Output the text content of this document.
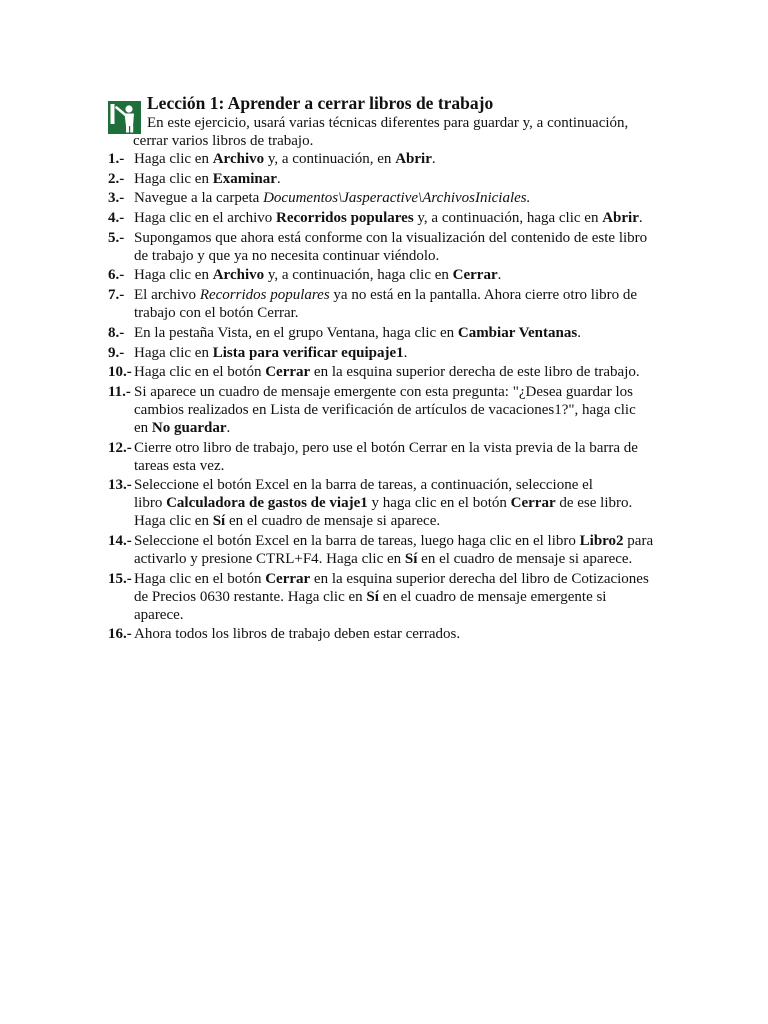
Lección 1: Aprender a cerrar libros de trabajo
En este ejercicio, usará varias técnicas diferentes para guardar y, a continuación,
cerrar varios libros de trabajo.
1.- Haga clic en Archivo y, a continuación, en Abrir.
2.- Haga clic en Examinar.
3.- Navegue a la carpeta Documentos\Jasperactive\ArchivosIniciales.
4.- Haga clic en el archivo Recorridos populares y, a continuación, haga clic en Abrir.
5.- Supongamos que ahora está conforme con la visualización del contenido de este libro
de trabajo y que ya no necesita continuar viéndolo.
6.- Haga clic en Archivo y, a continuación, haga clic en Cerrar.
7.- El archivo Recorridos populares ya no está en la pantalla. Ahora cierre otro libro de
trabajo con el botón Cerrar.
8.- En la pestaña Vista, en el grupo Ventana, haga clic en Cambiar Ventanas.
9.- Haga clic en Lista para verificar equipaje1.
10.- Haga clic en el botón Cerrar en la esquina superior derecha de este libro de trabajo.
11.- Si aparece un cuadro de mensaje emergente con esta pregunta: "¿Desea guardar los
cambios realizados en Lista de verificación de artículos de vacaciones1?", haga clic
en No guardar.
12.- Cierre otro libro de trabajo, pero use el botón Cerrar en la vista previa de la barra de
tareas esta vez.
13.- Seleccione el botón Excel en la barra de tareas, a continuación, seleccione el
libro Calculadora de gastos de viaje1 y haga clic en el botón Cerrar de ese libro.
Haga clic en Sí en el cuadro de mensaje si aparece.
14.- Seleccione el botón Excel en la barra de tareas, luego haga clic en el libro Libro2 para
activarlo y presione CTRL+F4. Haga clic en Sí en el cuadro de mensaje si aparece.
15.- Haga clic en el botón Cerrar en la esquina superior derecha del libro de Cotizaciones
de Precios 0630 restante. Haga clic en Sí en el cuadro de mensaje emergente si
aparece.
16.- Ahora todos los libros de trabajo deben estar cerrados.
